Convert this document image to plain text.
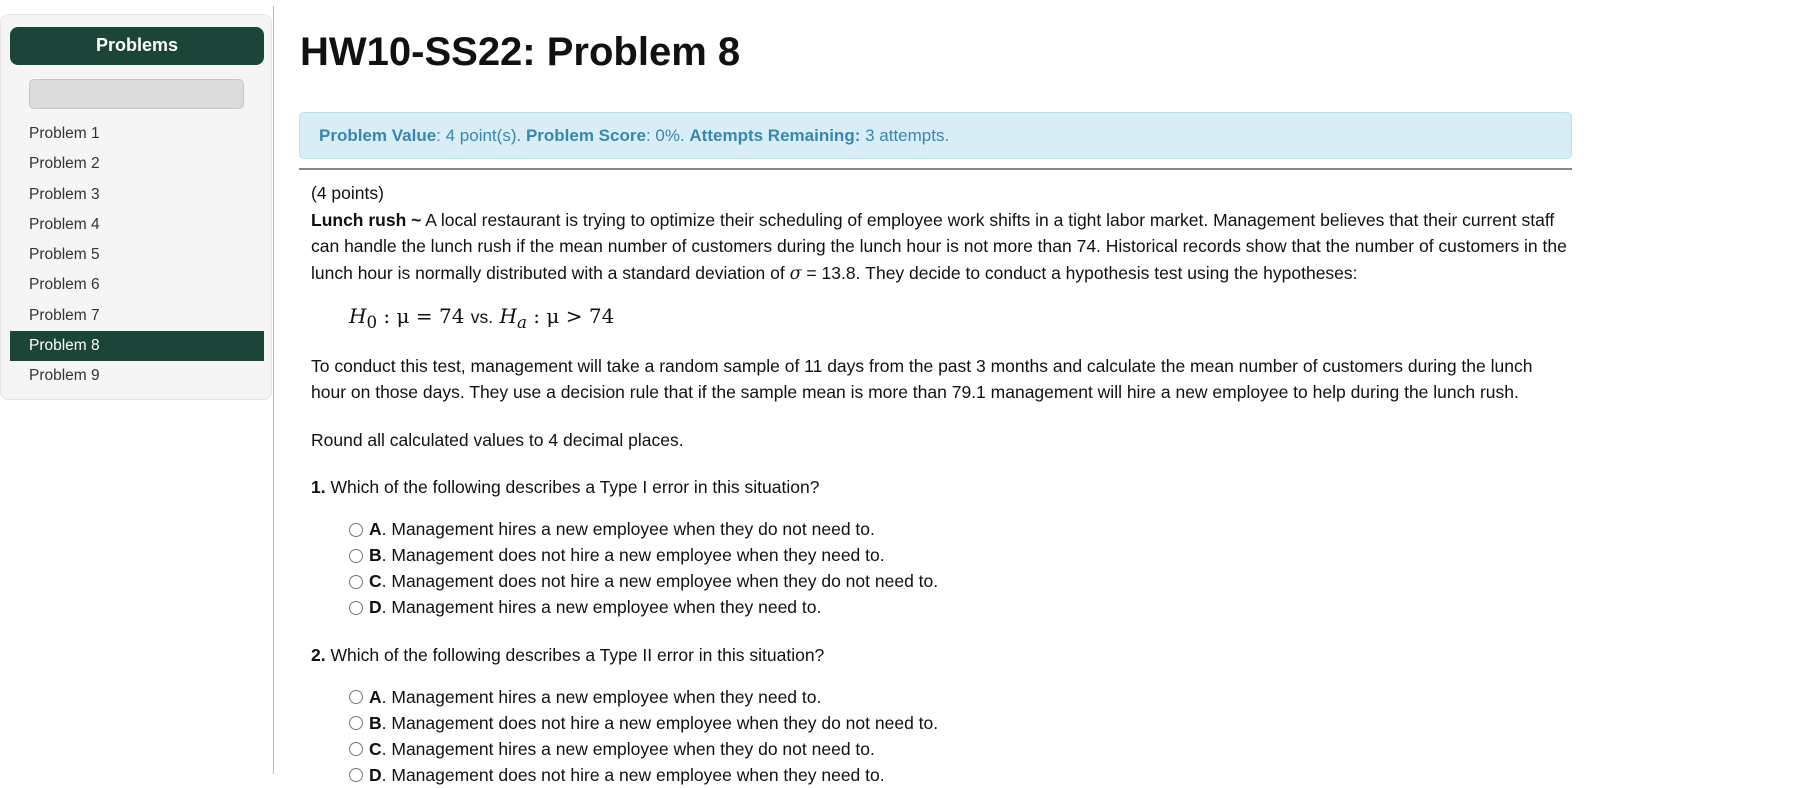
Problems
Problem 1
Problem 2
Problem 3
Problem 4
Problem 5
Problem 6
Problem 7
Problem 8
Problem 9
HW10-SS22: Problem 8
Problem Value: 4 point(s). Problem Score: 0%. Attempts Remaining: 3 attempts.

(4 points)

Lunch rush ~ A local restaurant is trying to optimize their scheduling of employee work shifts in a tight labor market. Management believes that their current staff can handle the lunch rush if the mean number of customers during the lunch hour is not more than 74. Historical records show that the number of customers in the lunch hour is normally distributed with a standard deviation of σ = 13.8. They decide to conduct a hypothesis test using the hypotheses:

$H_0$ : μ = 74 vs. $H_a$ : μ > 74

To conduct this test, management will take a random sample of 11 days from the past 3 months and calculate the mean number of customers during the lunch hour on those days. They use a decision rule that if the sample mean is more than 79.1 management will hire a new employee to help during the lunch rush.

Round all calculated values to 4 decimal places.

1. Which of the following describes a Type I error in this situation?

A . Management hires a new employee when they do not need to.
B . Management does not hire a new employee when they need to.
C . Management does not hire a new employee when they do not need to.
D . Management hires a new employee when they need to.

2. Which of the following describes a Type II error in this situation?

A . Management hires a new employee when they need to.
B . Management does not hire a new employee when they do not need to.
C . Management hires a new employee when they do not need to.
D . Management does not hire a new employee when they need to.
